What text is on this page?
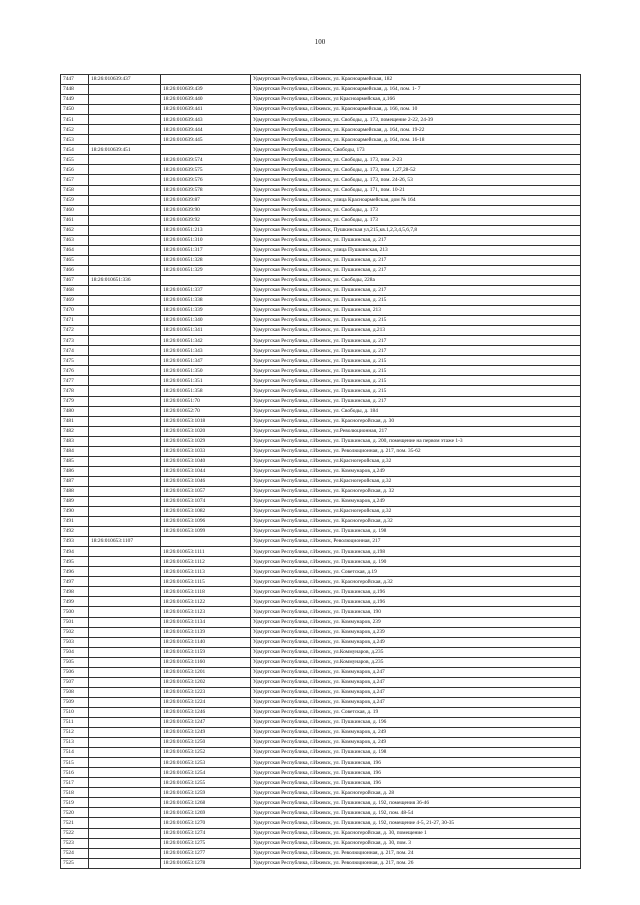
100
7447	18:26:010639:437		Удмуртская Республика, г.Ижевск, ул. Красноармейская, 182
7448		18:26:010639:439	Удмуртская Республика, г.Ижевск, ул. Красноармейская, д. 164, пом. 1- 7
7449		18:26:010639:440	Удмуртская Республика, г.Ижевск, ул Красноармейская, д.166
7450		18:26:010639:441	Удмуртская Республика, г.Ижевск, ул. Красноармейская, д. 166, пом. 10
7451		18:26:010639:443	Удмуртская Республика, г.Ижевск, ул. Свободы, д. 173, помещение 2-22, 24-39
7452		18:26:010639:444	Удмуртская Республика, г.Ижевск, ул. Красноармейская, д. 164, пом. 19-22
7453		18:26:010639:445	Удмуртская Республика, г.Ижевск, ул. Красноармейская, д. 164, пом. 16-18
7454	18:26:010639:451		Удмуртская Республика, г.Ижевск, Свободы, 173
7455		18:26:010639:574	Удмуртская Республика, г.Ижевск, ул. Свободы, д. 173, пом. 2-23
7456		18:26:010639:575	Удмуртская Республика, г.Ижевск, ул. Свободы, д. 173, пом. 1,27,28-52
7457		18:26:010639:576	Удмуртская Республика, г.Ижевск, ул. Свободы, д. 173, пом. 24-26, 53
7458		18:26:010639:578	Удмуртская Республика, г.Ижевск, ул. Свободы, д. 171, пом. 10-21
7459		18:26:010639:87	Удмуртская Республика, г.Ижевск, улица Красноармейская, дом № 164
7460		18:26:010639:90	Удмуртская Республика, г.Ижевск, ул. Свободы, д. 173
7461		18:26:010639:92	Удмуртская Республика, г.Ижевск, ул. Свободы, д. 173
7462		18:26:010651:213	Удмуртская Республика, г.Ижевск, Пушкинская ул,215,кв.1,2,3,4,5,6,7,8
7463		18:26:010651:310	Удмуртская Республика, г.Ижевск, ул. Пушкинская, д. 217
7464		18:26:010651:317	Удмуртская Республика, г.Ижевск, улица Пушкинская, 213
7465		18:26:010651:328	Удмуртская Республика, г.Ижевск, ул. Пушкинская, д. 217
7466		18:26:010651:329	Удмуртская Республика, г.Ижевск, ул. Пушкинская, д. 217
7467	18:26:010651:336		Удмуртская Республика, г.Ижевск, ул. Свободы, 228а
7468		18:26:010651:337	Удмуртская Республика, г.Ижевск, ул. Пушкинская, д. 217
7469		18:26:010651:338	Удмуртская Республика, г.Ижевск, ул. Пушкинская, д. 215
7470		18:26:010651:339	Удмуртская Республика, г.Ижевск, ул. Пушкинская, 213
7471		18:26:010651:340	Удмуртская Республика, г.Ижевск, ул. Пушкинская, д. 215
7472		18:26:010651:341	Удмуртская Республика, г.Ижевск, ул. Пушкинская, д.213
7473		18:26:010651:342	Удмуртская Республика, г.Ижевск, ул. Пушкинская, д. 217
7474		18:26:010651:343	Удмуртская Республика, г.Ижевск, ул. Пушкинская, д. 217
7475		18:26:010651:347	Удмуртская Республика, г.Ижевск, ул. Пушкинская, д. 215
7476		18:26:010651:350	Удмуртская Республика, г.Ижевск, ул. Пушкинская, д. 215
7477		18:26:010651:351	Удмуртская Республика, г.Ижевск, ул. Пушкинская, д. 215
7478		18:26:010651:358	Удмуртская Республика, г.Ижевск, ул. Пушкинская, д. 215
7479		18:26:010651:70	Удмуртская Республика, г.Ижевск, ул. Пушкинская, д. 217
7480		18:26:010652:70	Удмуртская Республика, г.Ижевск, ул. Свободы, д. 184
7481		18:26:010653:1018	Удмуртская Республика, г.Ижевск, ул. Красногеройская, д. 30
7482		18:26:010653:1020	Удмуртская Республика, г.Ижевск, ул.Революционная, 217
7483		18:26:010653:1029	Удмуртская Республика, г.Ижевск, ул. Пушкинская, д. 200, помещение на первом этаже 1-3
7484		18:26:010653:1033	Удмуртская Республика, г.Ижевск, ул. Революционная, д. 217, пом. 35-62
7485		18:26:010653:1040	Удмуртская Республика, г.Ижевск, ул.Красногеройская, д.32
7486		18:26:010653:1044	Удмуртская Республика, г.Ижевск, ул. Коммунаров, д.249
7487		18:26:010653:1046	Удмуртская Республика, г.Ижевск, ул.Красногеройская, д.32
7488		18:26:010653:1057	Удмуртская Республика, г.Ижевск, ул. Красногеройская, д. 32
7489		18:26:010653:1074	Удмуртская Республика, г.Ижевск, ул. Коммунаров, д.249
7490		18:26:010653:1082	Удмуртская Республика, г.Ижевск, ул.Красногеройская, д.32
7491		18:26:010653:1096	Удмуртская Республика, г.Ижевск, ул. Красногеройская, д.32
7492		18:26:010653:1099	Удмуртская Республика, г.Ижевск, ул. Пушкинская, д. 198
7493	18:26:010653:1107		Удмуртская Республика, г.Ижевск, Революционная, 217
7494		18:26:010653:1111	Удмуртская Республика, г.Ижевск, ул. Пушкинская, д.198
7495		18:26:010653:1112	Удмуртская Республика, г.Ижевск, ул. Пушкинская, д. 190
7496		18:26:010653:1113	Удмуртская Республика, г.Ижевск, ул. Советская, д.19
7497		18:26:010653:1115	Удмуртская Республика, г.Ижевск, ул. Красногеройская, д.32
7498		18:26:010653:1118	Удмуртская Республика, г.Ижевск, ул. Пушкинская, д.196
7499		18:26:010653:1122	Удмуртская Республика, г.Ижевск, ул. Пушкинская, д.196
7500		18:26:010653:1123	Удмуртская Республика, г.Ижевск, ул. Пушкинская, 190
7501		18:26:010653:1134	Удмуртская Республика, г.Ижевск, ул. Коммунаров, 239
7502		18:26:010653:1139	Удмуртская Республика, г.Ижевск, ул. Коммунаров, д.239
7503		18:26:010653:1140	Удмуртская Республика, г.Ижевск, ул. Коммунаров, д.249
7504		18:26:010653:1159	Удмуртская Республика, г.Ижевск, ул.Коммунаров, д.235
7505		18:26:010653:1160	Удмуртская Республика, г.Ижевск, ул.Коммунаров, д.235
7506		18:26:010653:1201	Удмуртская Республика, г.Ижевск, ул. Коммунаров, д.247
7507		18:26:010653:1202	Удмуртская Республика, г.Ижевск, ул. Коммунаров, д.247
7508		18:26:010653:1223	Удмуртская Республика, г.Ижевск, ул. Коммунаров, д.247
7509		18:26:010653:1224	Удмуртская Республика, г.Ижевск, ул. Коммунаров, д.247
7510		18:26:010653:1246	Удмуртская Республика, г.Ижевск, ул. Советская, д. 19
7511		18:26:010653:1247	Удмуртская Республика, г.Ижевск, ул. Пушкинская, д. 196
7512		18:26:010653:1249	Удмуртская Республика, г.Ижевск, ул. Коммунаров, д. 249
7513		18:26:010653:1250	Удмуртская Республика, г.Ижевск, ул. Коммунаров, д. 249
7514		18:26:010653:1252	Удмуртская Республика, г.Ижевск, ул. Пушкинская, д. 198
7515		18:26:010653:1253	Удмуртская Республика, г.Ижевск, ул. Пушкинская, 196
7516		18:26:010653:1254	Удмуртская Республика, г.Ижевск, ул. Пушкинская, 196
7517		18:26:010653:1255	Удмуртская Республика, г.Ижевск, ул. Пушкинская, 196
7518		18:26:010653:1259	Удмуртская Республика, г.Ижевск, ул. Красногеройская, д. 28
7519		18:26:010653:1268	Удмуртская Республика, г.Ижевск, ул. Пушкинская, д. 192, помещения 36-46
7520		18:26:010653:1269	Удмуртская Республика, г.Ижевск, ул. Пушкинская, д. 192, пом. 48-54
7521		18:26:010653:1270	Удмуртская Республика, г.Ижевск, ул. Пушкинская, д. 192, помещение 4-5, 21-27, 30-35
7522		18:26:010653:1274	Удмуртская Республика, г.Ижевск, ул. Красногеройская, д. 30, помещение 1
7523		18:26:010653:1275	Удмуртская Республика, г.Ижевск, ул. Красногеройская, д. 30, пом. 3
7524		18:26:010653:1277	Удмуртская Республика, г.Ижевск, ул. Революционная, д. 217, пом. 24
7525		18:26:010653:1278	Удмуртская Республика, г.Ижевск, ул. Революционная, д. 217, пом. 26
